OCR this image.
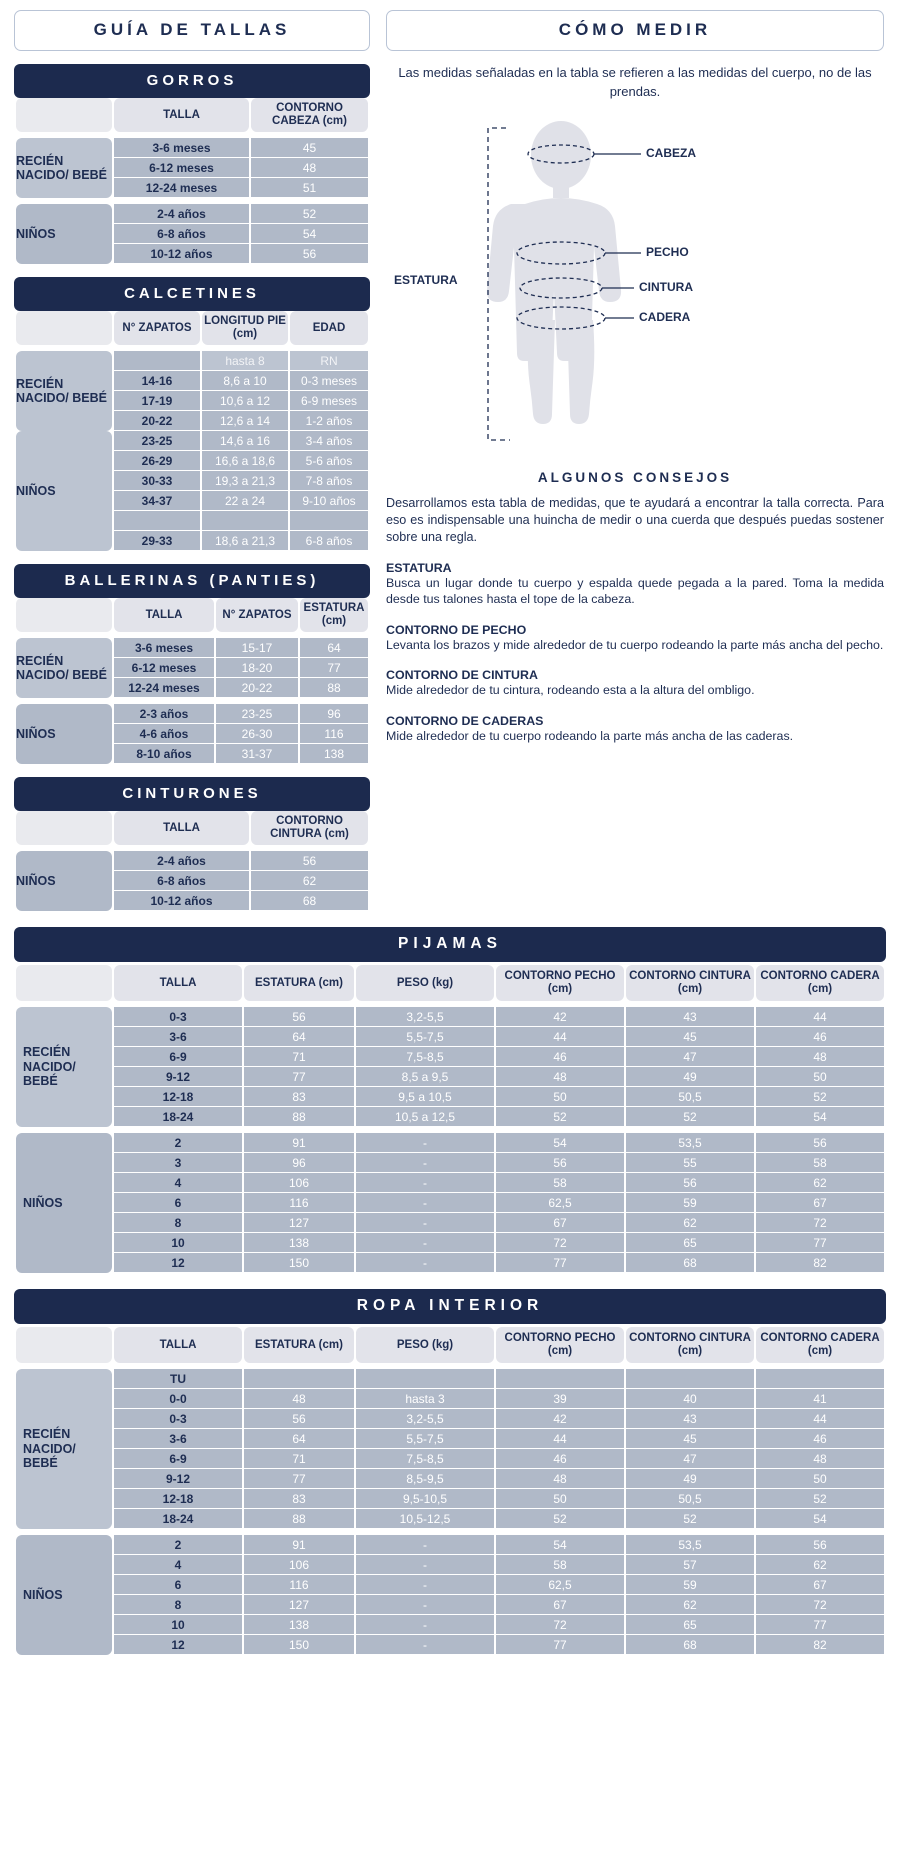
GUÍA DE TALLAS
GORROS
	TALLA	CONTORNO CABEZA (cm)

RECIÉN NACIDO/ BEBÉ	3-6 meses	45
	6-12 meses	48
	12-24 meses	51

NIÑOS	2-4 años	52
	6-8 años	54
	10-12 años	56
CALCETINES
	N° ZAPATOS	LONGITUD PIE (cm)	EDAD

RECIÉN NACIDO/ BEBÉ		hasta 8	RN
	14-16	8,6 a 10	0-3 meses
	17-19	10,6 a 12	6-9 meses
	20-22	12,6 a 14	1-2 años
NIÑOS	23-25	14,6 a 16	3-4 años
	26-29	16,6 a 18,6	5-6 años
	30-33	19,3 a 21,3	7-8 años
	34-37	22 a 24	9-10 años

	29-33	18,6 a 21,3	6-8 años
BALLERINAS (PANTIES)
	TALLA	N° ZAPATOS	ESTATURA (cm)

RECIÉN NACIDO/ BEBÉ	3-6 meses	15-17	64
	6-12 meses	18-20	77
	12-24 meses	20-22	88

NIÑOS	2-3 años	23-25	96
	4-6 años	26-30	116
	8-10 años	31-37	138
CINTURONES
	TALLA	CONTORNO CINTURA (cm)

NIÑOS	2-4 años	56
	6-8 años	62
	10-12 años	68
CÓMO MEDIR
Las medidas señaladas en la tabla se refieren a las medidas del cuerpo, no de las prendas.
CABEZA
PECHO
CINTURA
CADERA
ESTATURA
ALGUNOS CONSEJOS
Desarrollamos esta tabla de medidas, que te ayudará a encontrar la talla correcta. Para eso es indispensable una huincha de medir o una cuerda que después puedas sostener sobre una regla.
ESTATURA
Busca un lugar donde tu cuerpo y espalda quede pegada a la pared. Toma la medida desde tus talones hasta el tope de la cabeza.
CONTORNO DE PECHO
Levanta los brazos y mide alrededor de tu cuerpo rodeando la parte más ancha del pecho.
CONTORNO DE CINTURA
Mide alrededor de tu cintura, rodeando esta a la altura del ombligo.
CONTORNO DE CADERAS
Mide alrededor de tu cuerpo rodeando la parte más ancha de las caderas.
PIJAMAS
	TALLA	ESTATURA (cm)	PESO (kg)	CONTORNO PECHO (cm)	CONTORNO CINTURA (cm)	CONTORNO CADERA (cm)

RECIÉN NACIDO/ BEBÉ	0-3	56	3,2-5,5	42	43	44
	3-6	64	5,5-7,5	44	45	46
	6-9	71	7,5-8,5	46	47	48
	9-12	77	8,5 a 9,5	48	49	50
	12-18	83	9,5 a 10,5	50	50,5	52
	18-24	88	10,5 a 12,5	52	52	54

NIÑOS	2	91	-	54	53,5	56
	3	96	-	56	55	58
	4	106	-	58	56	62
	6	116	-	62,5	59	67
	8	127	-	67	62	72
	10	138	-	72	65	77
	12	150	-	77	68	82
ROPA INTERIOR
	TALLA	ESTATURA (cm)	PESO (kg)	CONTORNO PECHO (cm)	CONTORNO CINTURA (cm)	CONTORNO CADERA (cm)

RECIÉN NACIDO/ BEBÉ	TU					
	0-0	48	hasta 3	39	40	41
	0-3	56	3,2-5,5	42	43	44
	3-6	64	5,5-7,5	44	45	46
	6-9	71	7,5-8,5	46	47	48
	9-12	77	8,5-9,5	48	49	50
	12-18	83	9,5-10,5	50	50,5	52
	18-24	88	10,5-12,5	52	52	54

NIÑOS	2	91	-	54	53,5	56
	4	106	-	58	57	62
	6	116	-	62,5	59	67
	8	127	-	67	62	72
	10	138	-	72	65	77
	12	150	-	77	68	82
